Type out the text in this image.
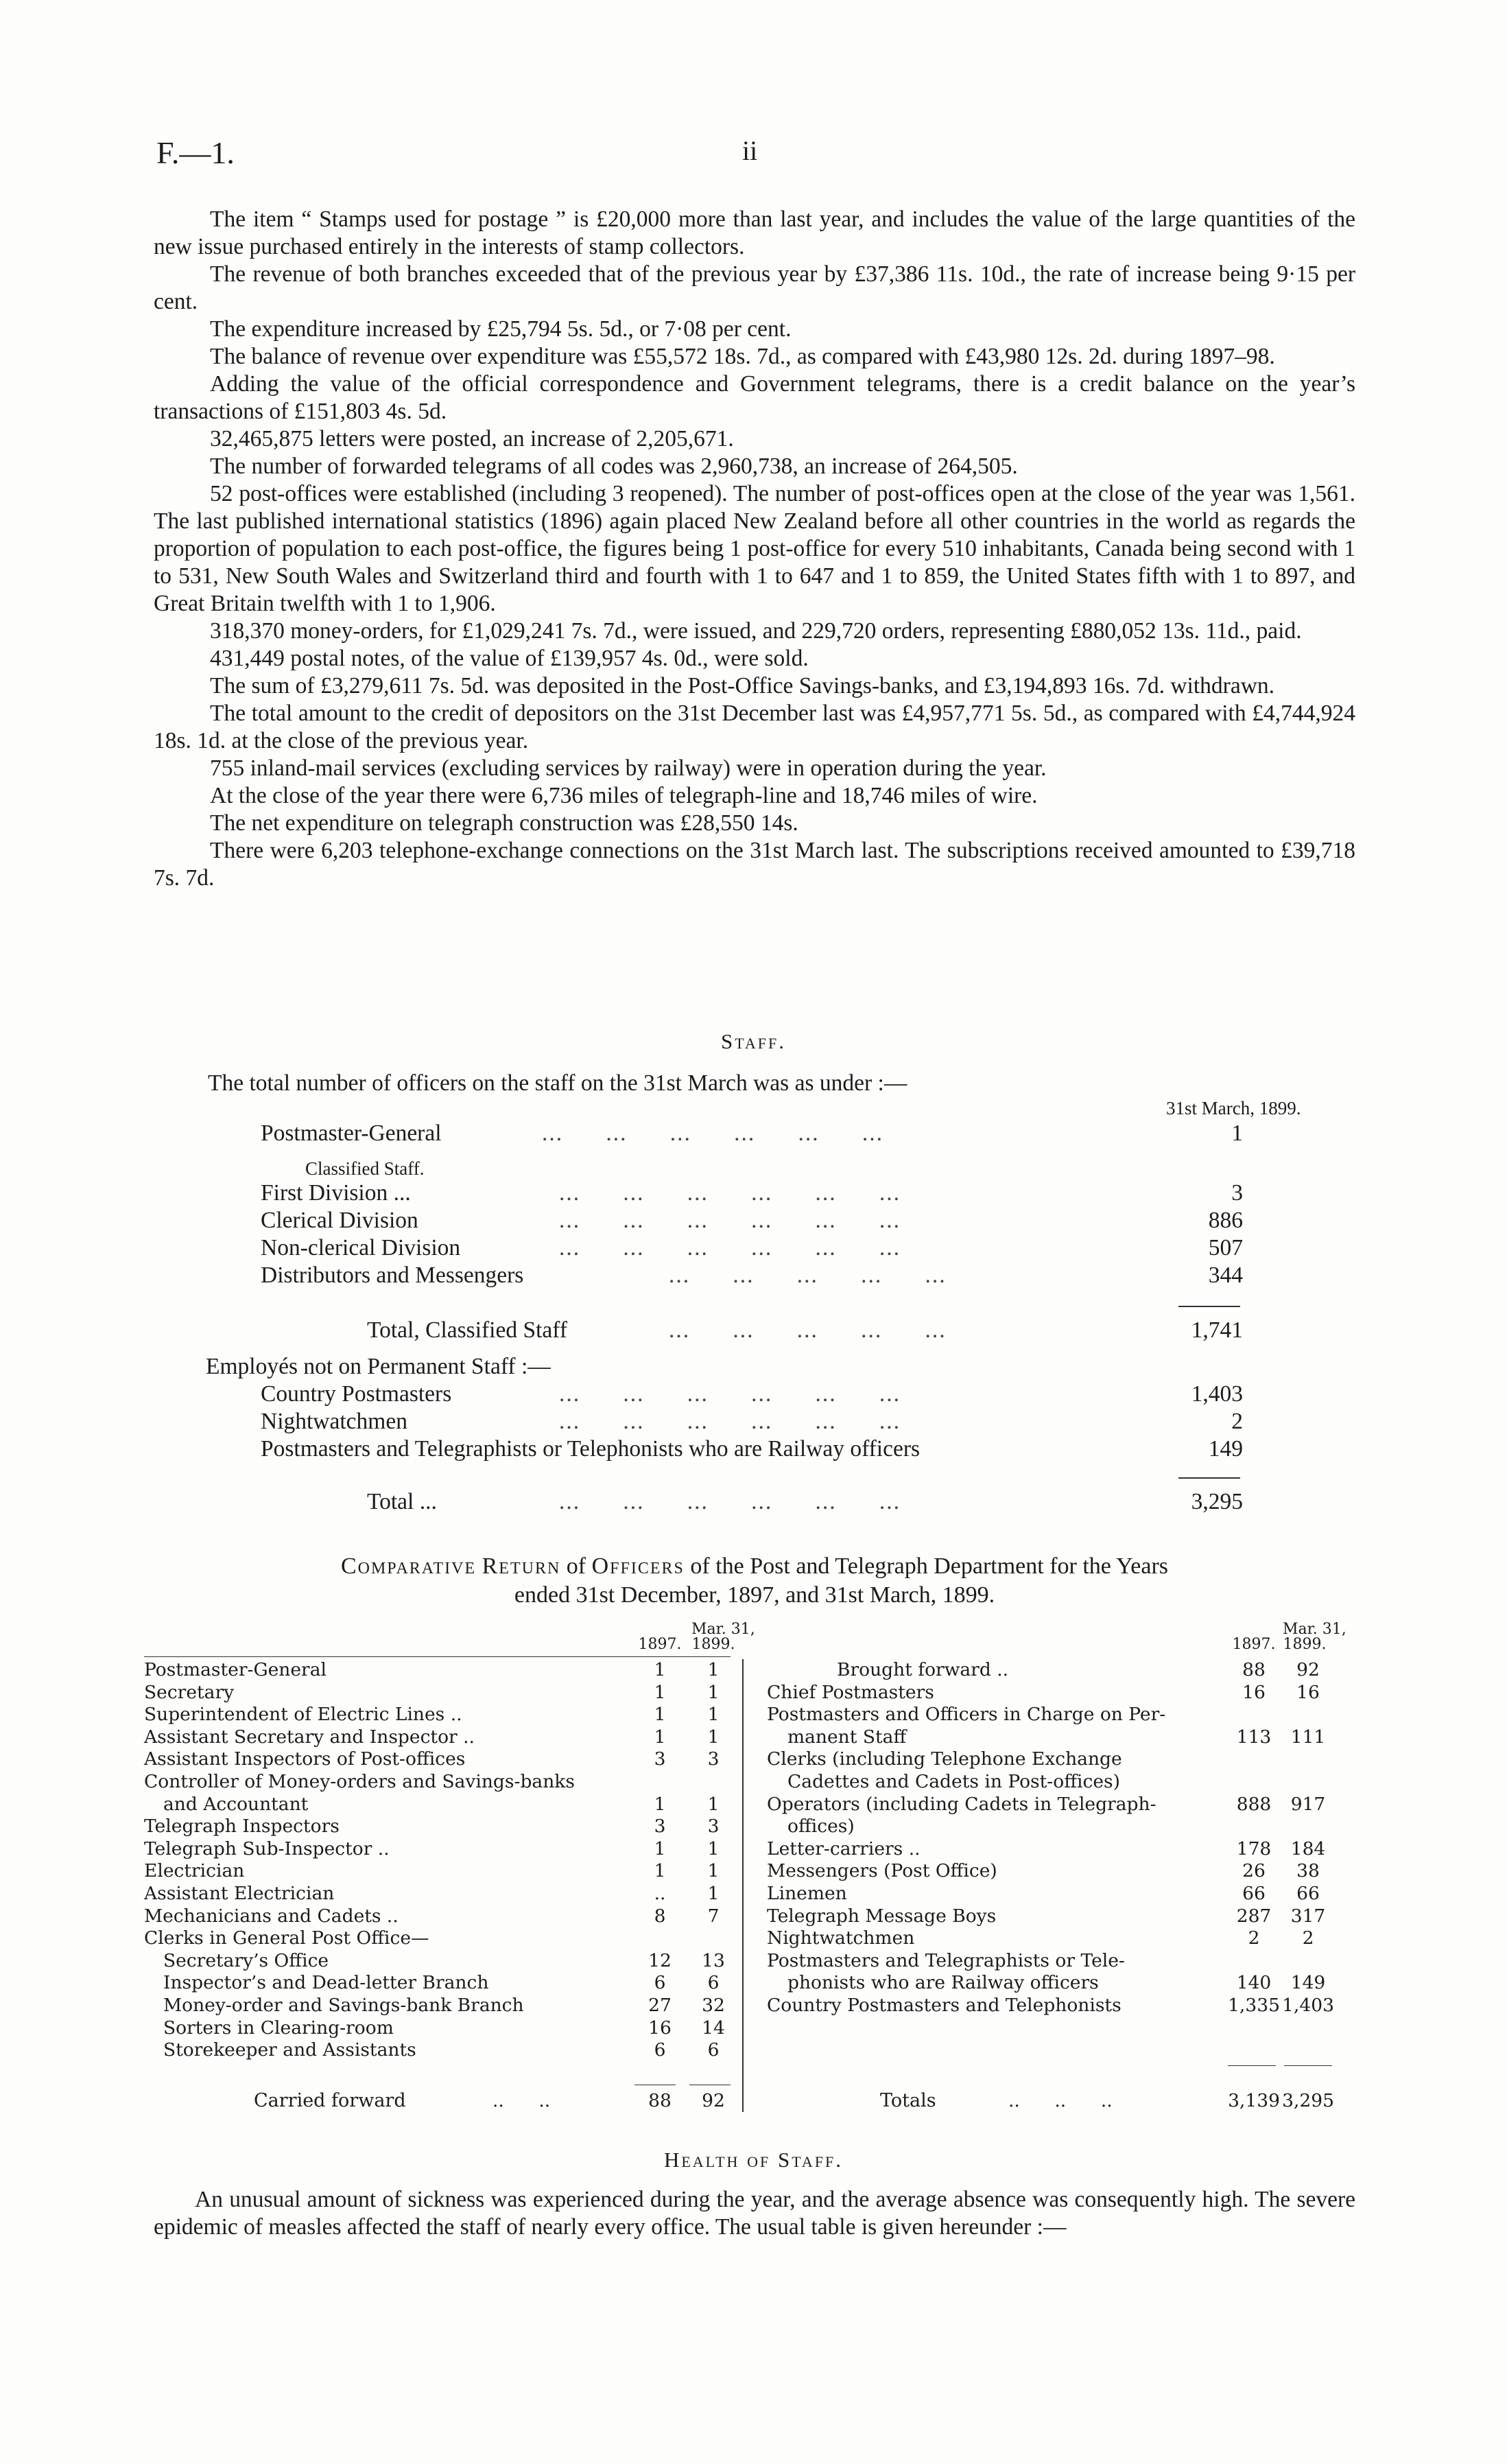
F.—1.	ii

The item “ Stamps used for postage ” is £20,000 more than last year, and includes the value of the large quantities of the new issue purchased entirely in the interests of stamp collectors.

The revenue of both branches exceeded that of the previous year by £37,386 11s. 10d., the rate of increase being 9·15 per cent.

The expenditure increased by £25,794 5s. 5d., or 7·08 per cent.

The balance of revenue over expenditure was £55,572 18s. 7d., as compared with £43,980 12s. 2d. during 1897–98.

Adding the value of the official correspondence and Government telegrams, there is a credit balance on the year’s transactions of £151,803 4s. 5d.

32,465,875 letters were posted, an increase of 2,205,671.

The number of forwarded telegrams of all codes was 2,960,738, an increase of 264,505.

52 post-offices were established (including 3 reopened). The number of post-offices open at the close of the year was 1,561. The last published international statistics (1896) again placed New Zealand before all other countries in the world as regards the proportion of population to each post-office, the figures being 1 post-office for every 510 inhabitants, Canada being second with 1 to 531, New South Wales and Switzerland third and fourth with 1 to 647 and 1 to 859, the United States fifth with 1 to 897, and Great Britain twelfth with 1 to 1,906.

318,370 money-orders, for £1,029,241 7s. 7d., were issued, and 229,720 orders, representing £880,052 13s. 11d., paid.

431,449 postal notes, of the value of £139,957 4s. 0d., were sold.

The sum of £3,279,611 7s. 5d. was deposited in the Post-Office Savings-banks, and £3,194,893 16s. 7d. withdrawn.

The total amount to the credit of depositors on the 31st December last was £4,957,771 5s. 5d., as compared with £4,744,924 18s. 1d. at the close of the previous year.

755 inland-mail services (excluding services by railway) were in operation during the year.

At the close of the year there were 6,736 miles of telegraph-line and 18,746 miles of wire.

The net expenditure on telegraph construction was £28,550 14s.

There were 6,203 telephone-exchange connections on the 31st March last. The subscriptions received amounted to £39,718 7s. 7d.

Staff.
The total number of officers on the staff on the 31st March was as under :—
31st March, 1899.
Postmaster-General	...      ...      ...      ...      ...      ...	1
Classified Staff.
First Division ...	...      ...      ...      ...      ...      ...	3
Clerical Division	...      ...      ...      ...      ...      ...	886
Non-clerical Division	...      ...      ...      ...      ...      ...	507
Distributors and Messengers	...      ...      ...      ...      ...	344
Total, Classified Staff	...      ...      ...      ...      ...	1,741
Employés not on Permanent Staff :—
Country Postmasters	...      ...      ...      ...      ...      ...	1,403
Nightwatchmen	...      ...      ...      ...      ...      ...	2
Postmasters and Telegraphists or Telephonists who are Railway officers	149
Total ...	...      ...      ...      ...      ...      ...	3,295
Comparative Return of Officers of the Post and Telegraph Department for the Years
ended 31st December, 1897, and 31st March, 1899.
Mar. 31,
1897. 1899.
Mar. 31,
1897. 1899.
Postmaster-General	1	1
Secretary	1	1
Superintendent of Electric Lines ..	1	1
Assistant Secretary and Inspector ..	1	1
Assistant Inspectors of Post-offices	3	3
Controller of Money-orders and Savings-banks
and Accountant	1	1
Telegraph Inspectors	3	3
Telegraph Sub-Inspector ..	1	1
Electrician	1	1
Assistant Electrician	..	1
Mechanicians and Cadets ..	8	7
Clerks in General Post Office—
Secretary’s Office	12	13
Inspector’s and Dead-letter Branch	6	6
Money-order and Savings-bank Branch	27	32
Sorters in Clearing-room	16	14
Storekeeper and Assistants	6	6
Brought forward ..	88	92
Chief Postmasters	16	16
Postmasters and Officers in Charge on Per-
manent Staff	113	111
Clerks (including Telephone Exchange
Cadettes and Cadets in Post-offices)
Operators (including Cadets in Telegraph-	888	917
offices)
Letter-carriers ..	178	184
Messengers (Post Office)	26	38
Linemen	66	66
Telegraph Message Boys	287	317
Nightwatchmen	2	2
Postmasters and Telegraphists or Tele-
phonists who are Railway officers	140	149
Country Postmasters and Telephonists	1,335 1,403
Carried forward	..      ..	88	92	Totals	..      ..      ..	3,139 3,295
Health of Staff.

An unusual amount of sickness was experienced during the year, and the average absence was consequently high. The severe epidemic of measles affected the staff of nearly every office. The usual table is given hereunder :—
